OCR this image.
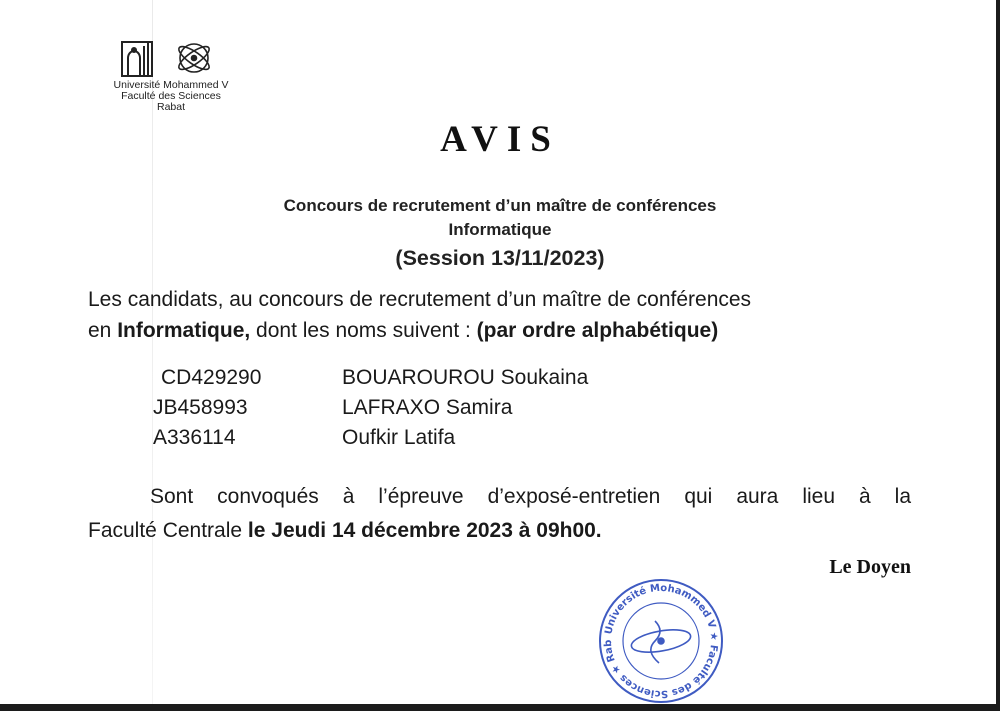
Université Mohammed V
Faculté des Sciences
Rabat
AVIS
Concours de recrutement d’un maître de conférences
Informatique
(Session 13/11/2023)
Les candidats, au concours de recrutement d’un maître de conférences
en Informatique, dont les noms suivent : (par ordre alphabétique)
CD429290	BOUAROUROU Soukaina
JB458993	LAFRAXO Samira
A336114	Oufkir Latifa
Sont convoqués à l’épreuve d’exposé-entretien qui aura lieu à la
Faculté Centrale le Jeudi 14 décembre 2023 à 09h00.
Le Doyen
Université Mohammed V ★ Faculté des Sciences ★ Rab
